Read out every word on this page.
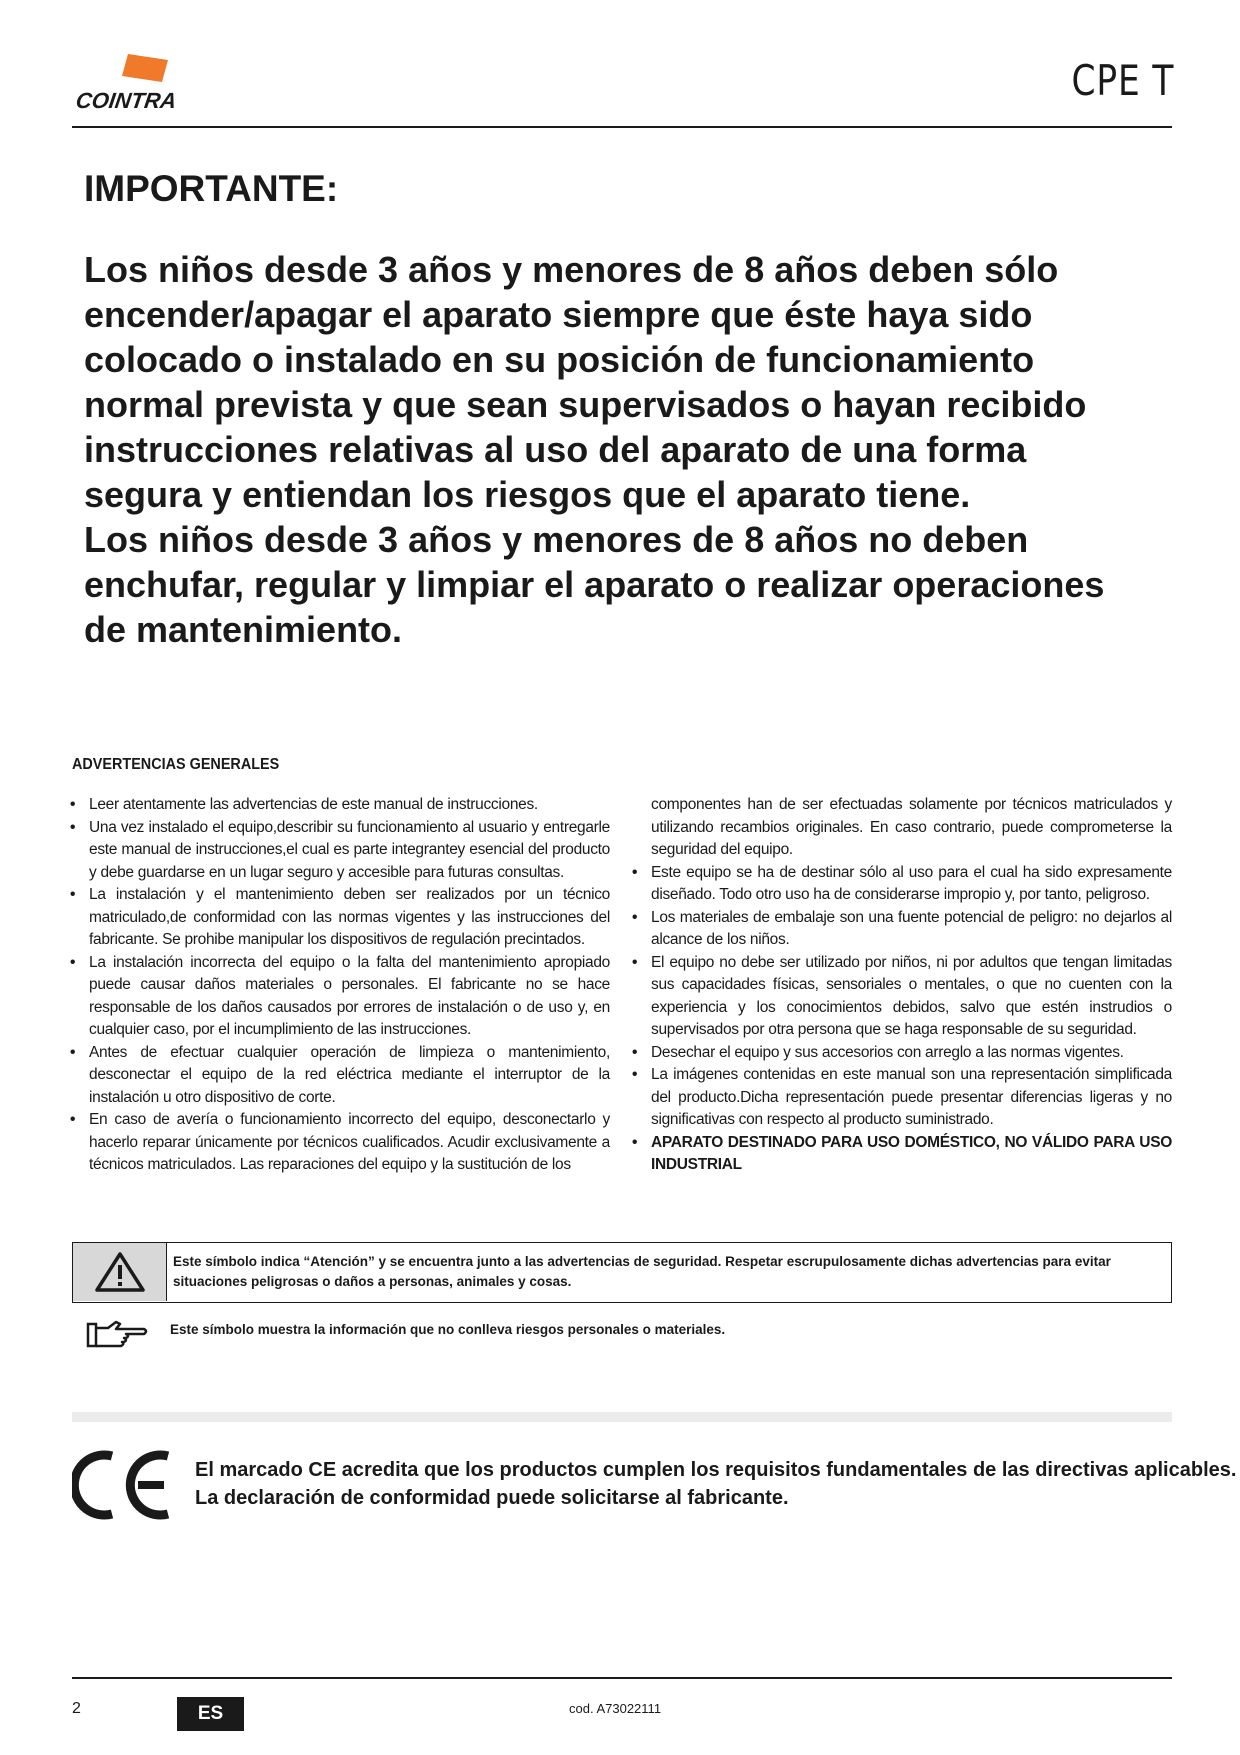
COINTRA	CPE T
IMPORTANTE:
Los niños desde 3 años y menores de 8 años deben sólo
encender/apagar el aparato siempre que éste haya sido
colocado o instalado en su posición de funcionamiento
normal prevista y que sean supervisados o hayan recibido
instrucciones relativas al uso del aparato de una forma
segura y entiendan los riesgos que el aparato tiene.
Los niños desde 3 años y menores de 8 años no deben
enchufar, regular y limpiar el aparato o realizar operaciones
de mantenimiento.
ADVERTENCIAS GENERALES
• Leer atentamente las advertencias de este manual de instrucciones.
• Una vez instalado el equipo,describir su funcionamiento al usuario y entregarle este manual de instrucciones,el cual es parte integrantey esencial del producto y debe guardarse en un lugar seguro y accesible para futuras consultas.
• La instalación y el mantenimiento deben ser realizados por un técnico matriculado,de conformidad con las normas vigentes y las instrucciones del fabricante. Se prohibe manipular los dispositivos de regulación precintados.
• La instalación incorrecta del equipo o la falta del mantenimiento apropiado puede causar daños materiales o personales. El fabricante no se hace responsable de los daños causados por errores de instalación o de uso y, en cualquier caso, por el incumplimiento de las instrucciones.
• Antes de efectuar cualquier operación de limpieza o mantenimiento, desconectar el equipo de la red eléctrica mediante el interruptor de la instalación u otro dispositivo de corte.
• En caso de avería o funcionamiento incorrecto del equipo, desconectarlo y hacerlo reparar únicamente por técnicos cualificados. Acudir exclusivamente a técnicos matriculados. Las reparaciones del equipo y la sustitución de los
componentes han de ser efectuadas solamente por técnicos matriculados y utilizando recambios originales. En caso contrario, puede comprometerse la seguridad del equipo.
• Este equipo se ha de destinar sólo al uso para el cual ha sido expresamente diseñado. Todo otro uso ha de considerarse impropio y, por tanto, peligroso.
• Los materiales de embalaje son una fuente potencial de peligro: no dejarlos al alcance de los niños.
• El equipo no debe ser utilizado por niños, ni por adultos que tengan limitadas sus capacidades físicas, sensoriales o mentales, o que no cuenten con la experiencia y los conocimientos debidos, salvo que estén instrudios o supervisados por otra persona que se haga responsable de su seguridad.
• Desechar el equipo y sus accesorios con arreglo a las normas vigentes.
• La imágenes contenidas en este manual son una representación simplificada del producto.Dicha representación puede presentar diferencias ligeras y no significativas con respecto al producto suministrado.
• APARATO DESTINADO PARA USO DOMÉSTICO, NO VÁLIDO PARA USO INDUSTRIAL
Este símbolo indica “Atención” y se encuentra junto a las advertencias de seguridad. Respetar escrupulosamente dichas advertencias para evitar situaciones peligrosas o daños a personas, animales y cosas.
Este símbolo muestra la información que no conlleva riesgos personales o materiales.
El marcado CE acredita que los productos cumplen los requisitos fundamentales de las directivas aplicables.
La declaración de conformidad puede solicitarse al fabricante.
2	ES	cod. A73022111
